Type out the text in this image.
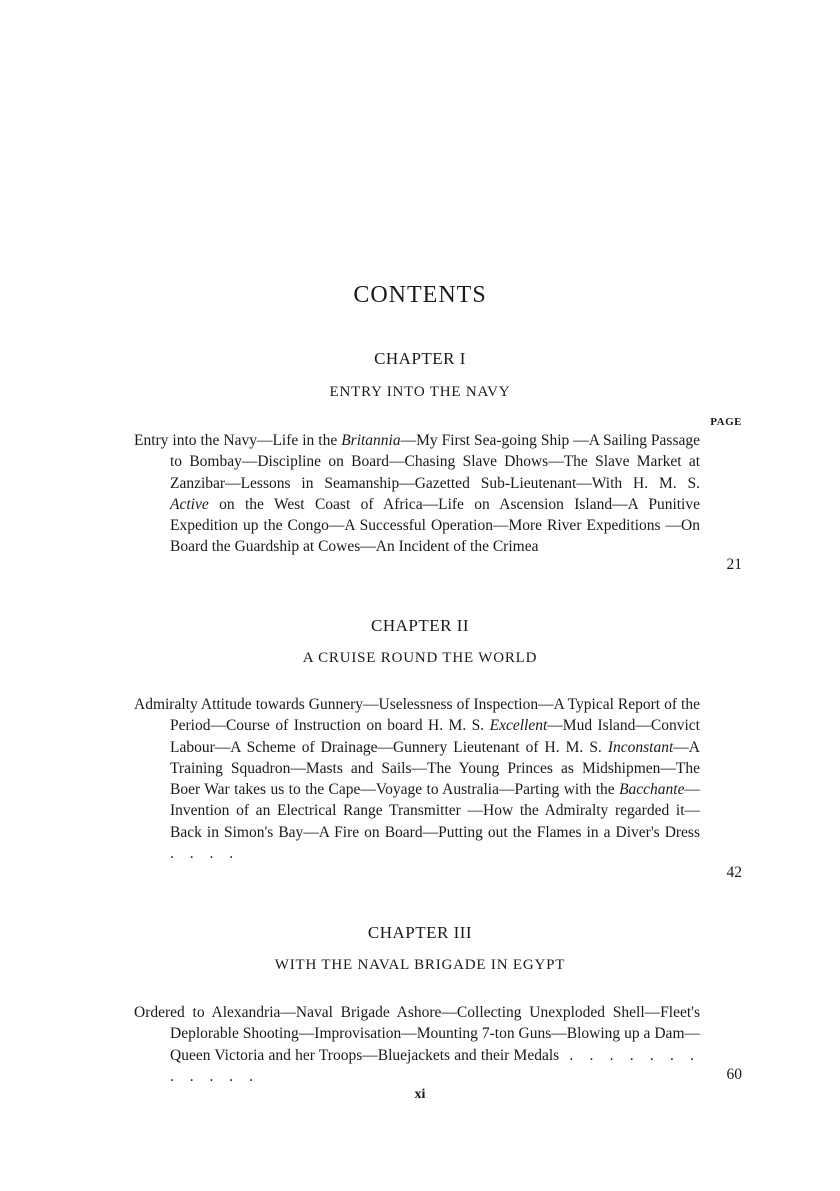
CONTENTS
CHAPTER I
ENTRY INTO THE NAVY
PAGE
Entry into the Navy—Life in the Britannia—My First Sea-going Ship —A Sailing Passage to Bombay—Discipline on Board—Chasing Slave Dhows—The Slave Market at Zanzibar—Lessons in Seamanship—Gazetted Sub-Lieutenant—With H. M. S. Active on the West Coast of Africa—Life on Ascension Island—A Punitive Expedition up the Congo—A Successful Operation—More River Expeditions —On Board the Guardship at Cowes—An Incident of the Crimea
21
CHAPTER II
A CRUISE ROUND THE WORLD
Admiralty Attitude towards Gunnery—Uselessness of Inspection—A Typical Report of the Period—Course of Instruction on board H. M. S. Excellent—Mud Island—Convict Labour—A Scheme of Drainage—Gunnery Lieutenant of H. M. S. Inconstant—A Training Squadron—Masts and Sails—The Young Princes as Midshipmen—The Boer War takes us to the Cape—Voyage to Australia—Parting with the Bacchante—Invention of an Electrical Range Transmitter —How the Admiralty regarded it—Back in Simon's Bay—A Fire on Board—Putting out the Flames in a Diver's Dress . . . .
42
CHAPTER III
WITH THE NAVAL BRIGADE IN EGYPT
Ordered to Alexandria—Naval Brigade Ashore—Collecting Unexploded Shell—Fleet's Deplorable Shooting—Improvisation—Mounting 7-ton Guns—Blowing up a Dam—Queen Victoria and her Troops—Bluejackets and their Medals . . . . . . . . . . . .	60
xi
